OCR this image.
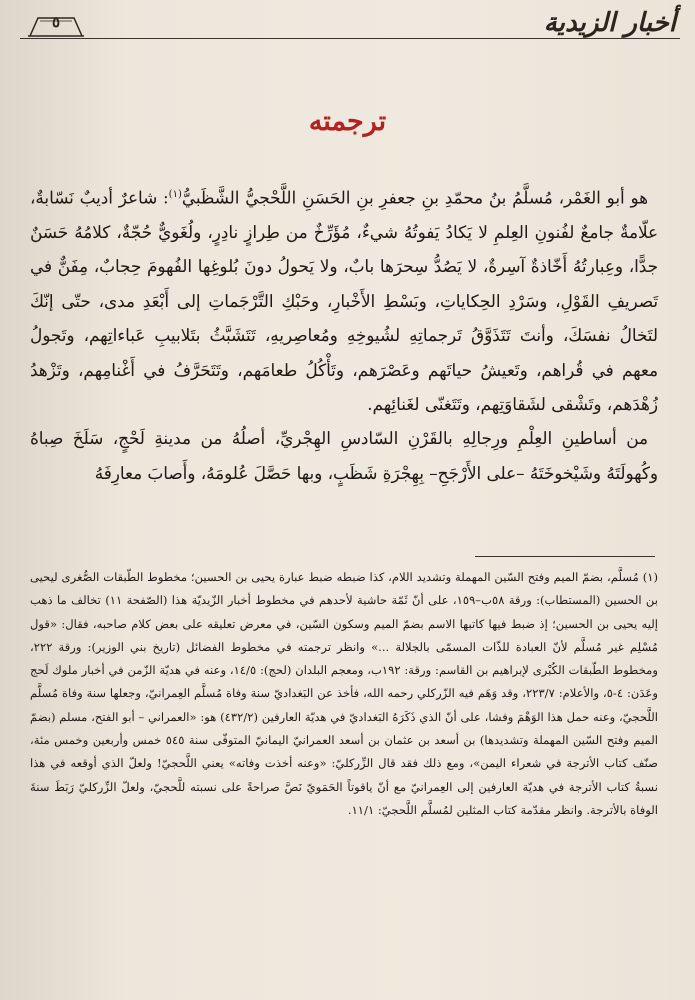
٥	أخبار الزيدية
ترجمته

هو أبو الغَمْر، مُسلَّمُ بنُ محمّدِ بنِ جعفرِ بنِ الحَسَنِ اللَّحْجيُّ الشَّظَبيُّ$^{(١)}$: شاعرٌ أديبٌ نَسّابةٌ، علّامةٌ جامعٌ لفُنونِ العِلمِ لا يَكادُ يَفوتُهُ شيءٌ، مُؤَرِّخٌ من طِرازٍ نادِرٍ، ولُغَويٌّ حُجّةٌ، كلامُهُ حَسَنٌ جدًّا، وعِبارتُهُ أَخّاذةٌ آسِرةٌ، لا يَصُدُّ سِحرَها بابٌ، ولا يَحولُ دونَ بُلوغِها الفُهومَ حِجابٌ، مِفَنٌّ في تَصريفِ القَوْلِ، وسَرْدِ الحِكاياتِ، وبَسْطِ الأَخْبارِ، وحَبْكِ التَّرْجَماتِ إلى أَبْعَدِ مدى، حتّى إنّكَ لتَخالُ نفسَكَ، وأنتَ تَتَذَوَّقُ تَرجماتِهِ لشُيوخِهِ ومُعاصِريهِ، تَتَشَبَّثُ بتَلابيبِ عَباءاتِهم، وتَجولُ معهم في قُراهم، وتَعيشُ حياتَهم وعَصْرَهم، وتَأْكُلُ طعامَهم، وتَتَحَرَّفُ في أَغْنامِهم، وتَزْهدُ زُهْدَهم، وتَشْقى لشَقاوَتِهم، وتَتَغنّى لغَنائِهم.

من أساطينِ العِلْمِ ورِجالِهِ بالقَرْنِ السّادسِ الهِجْريِّ، أصلُهُ من مدينةِ لَحْجٍ، سَلَخَ صِباهُ وكُهولَتَهُ وشَيْخوخَتَهُ –على الأَرْجَحِ– بِهِجْرَةِ شَظَبٍ، وبها حَصَّلَ عُلومَهُ، وأَصابَ معارِفَهُ

(١) مُسلَّم، بضمّ الميم وفتح السّين المهملة وتشديد اللام، كذا ضبطه ضبط عبارة يحيى بن الحسين؛ مخطوط الطّبقات الصُّغرى ليحيى بن الحسين (المستطاب): ورقة ٥٨ب–١٥٩، على أنّ ثَمّة حاشية لأحدهم في مخطوط أخبار الزّيديّة هذا (الصّفحة ١١) تخالف ما ذهب إليه يحيى بن الحسين؛ إذ ضبط فيها كاتبها الاسم بضمّ الميم وسكون السّين، في معرض تعليقه على بعض كلام صاحبه، فقال: «قول مُسْلِم غير مُسلَّم لأنّ العبادة للذّات المسمّى بالجلالة ...» وانظر ترجمته في مخطوط الفضائل (تاريخ بني الوزير): ورقة ٢٢٢، ومخطوط الطّبقات الكُبْرى لإبراهيم بن القاسم: ورقة: ١٩٢ب، ومعجم البلدان (لحج): ١٤/٥، وعنه في هديّة الزّمن في أخبار ملوك لَحج وعَدَن: ٤-٥، والأعلام: ٢٢٣/٧، وقد وَهَم فيه الزّركلي رحمه الله، فأخذ عن البَغداديّ سنة وفاة مُسلَّم العِمرانيّ، وجعلها سنة وفاة مُسلَّم اللَّحجيّ، وعنه حمل هذا الوَهْمَ وفشا، على أنّ الذي ذَكَرَهُ البَغداديّ في هديّة العارفين (٤٣٢/٢) هو: «العمراني – أبو الفتح، مسلم (بضمّ الميم وفتح السّين المهملة وتشديدها) بن أسعد بن عثمان بن أسعد العمرانيّ اليمانيّ المتوفّى سنة ٥٤٥ خمس وأربعين وخمس مئة، صنّف كتاب الأترجة في شعراء اليمن»، ومع ذلك فقد قال الزِّركليّ: «وعنه أخذت وفاته» يعني اللَّحجيّ! ولعلّ الذي أوقعه في هذا نسبةُ كتاب الأترجة في هديّة العارفين إلى العِمرانيّ مع أنّ ياقوتاً الحَمَويّ نَصَّ صراحةً على نسبته للَّحجيّ، ولعلّ الزِّركليّ رَبَطَ سنةَ الوفاة بالأترجة. وانظر مقدّمة كتاب المثلين لمُسلَّم اللَّحجيّ: ١١/١.
